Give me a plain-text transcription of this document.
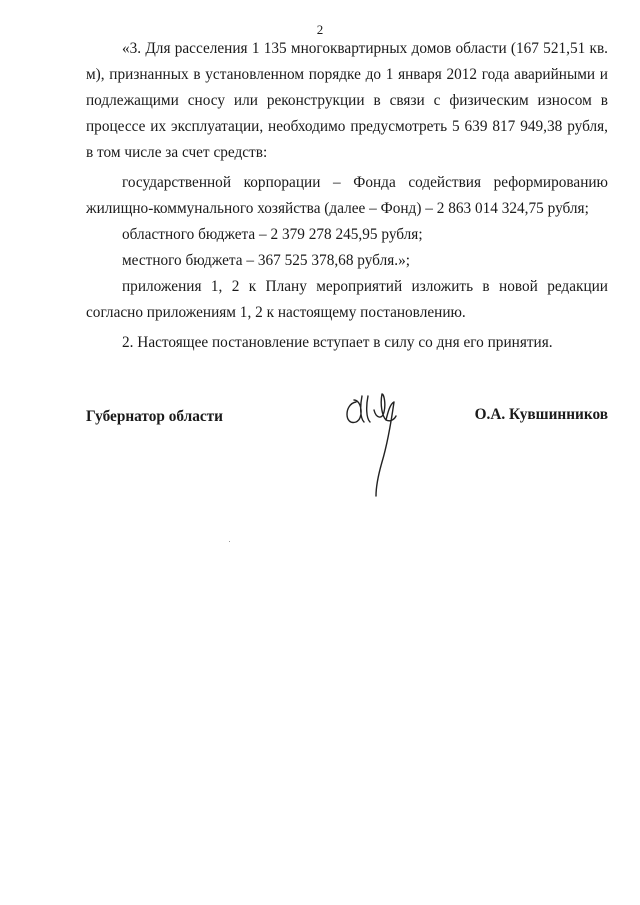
2

«3. Для расселения 1 135 многоквартирных домов области (167 521,51 кв. м), признанных в установленном порядке до 1 января 2012 года аварийными и подлежащими сносу или реконструкции в связи с физическим износом в процессе их эксплуатации, необходимо предусмотреть 5 639 817 949,38 рубля, в том числе за счет средств:

государственной корпорации – Фонда содействия реформированию жилищно-коммунального хозяйства (далее – Фонд) – 2 863 014 324,75 рубля;

областного бюджета – 2 379 278 245,95 рубля;

местного бюджета – 367 525 378,68 рубля.»;

приложения 1, 2 к Плану мероприятий изложить в новой редакции согласно приложениям 1, 2 к настоящему постановлению.

2. Настоящее постановление вступает в силу со дня его принятия.

Губернатор области	О.А. Кувшинников
